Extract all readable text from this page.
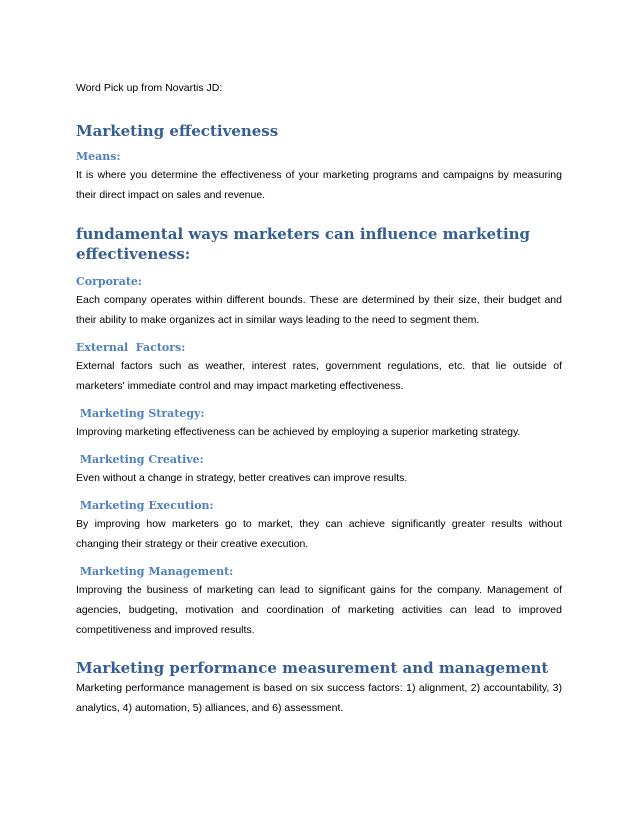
Word Pick up from Novartis JD:

Marketing effectiveness
Means:

It is where you determine the effectiveness of your marketing programs and campaigns by measuring their direct impact on sales and revenue.

fundamental ways marketers can influence marketing effectiveness:
Corporate:

Each company operates within different bounds. These are determined by their size, their budget and their ability to make organizes act in similar ways leading to the need to segment them.

External  Factors:

External factors such as weather, interest rates, government regulations, etc. that lie outside of marketers' immediate control and may impact marketing effectiveness.

Marketing Strategy:

Improving marketing effectiveness can be achieved by employing a superior marketing strategy.

Marketing Creative:

Even without a change in strategy, better creatives can improve results.

Marketing Execution:

By improving how marketers go to market, they can achieve significantly greater results without changing their strategy or their creative execution.

Marketing Management:

Improving the business of marketing can lead to significant gains for the company. Management of agencies, budgeting, motivation and coordination of marketing activities can lead to improved competitiveness and improved results.

Marketing performance measurement and management

Marketing performance management is based on six success factors: 1) alignment, 2) accountability, 3) analytics, 4) automation, 5) alliances, and 6) assessment.
